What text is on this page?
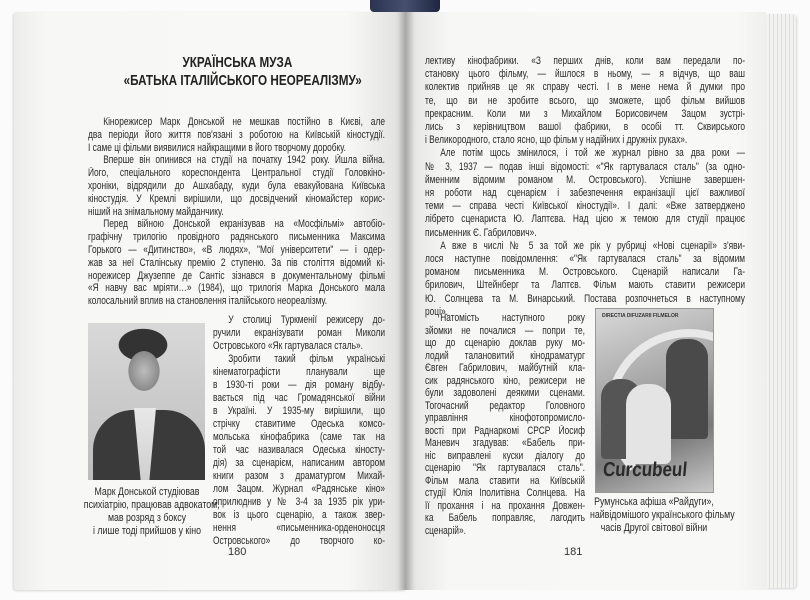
УКРАЇНСЬКА МУЗА
«БАТЬКА ІТАЛІЙСЬКОГО НЕОРЕАЛІЗМУ»
Кінорежисер Марк Донськой не мешкав постійно в Києві, але
два періоди його життя пов'язані з роботою на Київській кіностудії.
І саме ці фільми виявилися найкращими в його творчому доробку.
Вперше він опинився на студії на початку 1942 року. Йшла війна.
Його, спеціального кореспондента Центральної студії Головкіно-
хроніки, відрядили до Ашхабаду, куди була евакуйована Київська
кіностудія. У Кремлі вирішили, що досвідчений кіномайстер корис-
ніший на знімальному майданчику.
Перед війною Донськой екранізував на «Мосфільмі» автобіо-
графічну трилогію провідного радянського письменника Максима
Горького — «Дитинство», «В людях», "Мої університети" — і одер-
жав за неї Сталінську премію 2 ступеню. За пів століття відомий кі-
норежисер Джузеппе де Сантіс зізнався в документальному фільмі
«Я навчу вас мріяти…» (1984), що трилогія Марка Донського мала
колосальний вплив на становлення італійського неореалізму.
У столиці Туркменії режисеру до-
ручили екранізувати роман Миколи
Островського «Як гартувалася сталь».
Зробити такий фільм українські
кінематографісти планували ще
в 1930-ті роки — дія роману відбу-
вається під час Громадянської війни
в Україні. У 1935-му вирішили, що
стрічку ставитиме Одеська комсо-
мольська кінофабрика (саме так на
той час називалася Одеська кіносту-
дія) за сценарієм, написаним автором
книги разом з драматургом Михай-
лом Зацом. Журнал «Радянське кіно»
оприлюднив у № 3-4 за 1935 рік ури-
вок із цього сценарію, а також звер-
нення «письменника-орденоносця
Островського» до творчого ко-
Марк Донськой студіював
психіатрію, працював адвокатом,
мав розряд з боксу
і лише тоді прийшов у кіно
180
лективу кінофабрики. «З перших днів, коли вам передали по-
становку цього фільму, — йшлося в ньому, — я відчув, що ваш
колектив прийняв це як справу честі. І в мене нема й думки про
те, що ви не зробите всього, що зможете, щоб фільм вийшов
прекрасним. Коли ми з Михайлом Борисовичем Зацом зустрі-
лись з керівництвом вашої фабрики, в особі тт. Сквирського
і Великородного, стало ясно, що фільм у надійних і дружніх руках».
Але потім щось змінилося, і той же журнал рівно за два роки —
№ 3, 1937 — подав інші відомості: «"Як гартувалася сталь" (за одно-
йменним відомим романом М. Островського). Успішне завершен-
ня роботи над сценарієм і забезпечення екранізації цієї важливої
теми — справа честі Київської кіностудії». І далі: «Вже затверджено
лібрето сценариста Ю. Лаптєва. Над цією ж темою для студії працює
письменник Є. Габрилович».
А вже в числі № 5 за той же рік у рубриці «Нові сценарії» з'яви-
лося наступне повідомлення: «"Як гартувалася сталь" за відомим
романом письменника М. Островського. Сценарій написали Га-
брилович, Штейнберг та Лаптєв. Фільм мають ставити режисери
Ю. Солнцева та М. Винарський. Постава розпочнеться в наступному
році».
Натомість наступного року
зйомки не почалися — попри те,
що до сценарію доклав руку мо-
лодий талановитий кінодраматург
Євген Габрилович, майбутній кла-
сик радянського кіно, режисери не
були задоволені деякими сценами.
Тогочасний редактор Головного
управління кінофотопромисло-
вості при Раднаркомі СРСР Йосиф
Маневич згадував: «Бабель при-
ніс виправлені куски діалогу до
сценарію "Як гартувалася сталь".
Фільм мала ставити на Київській
студії Юлія Іполитівна Солнцева. На
її прохання і на прохання Довжен-
ка Бабель поправляє, лагодить
сценарій».
DIRECTIA DIFUZARII FILMELOR
Curcubeul
Румунська афіша «Райдуги»,
найвідомішого українського фільму
часів Другої світової війни
181
